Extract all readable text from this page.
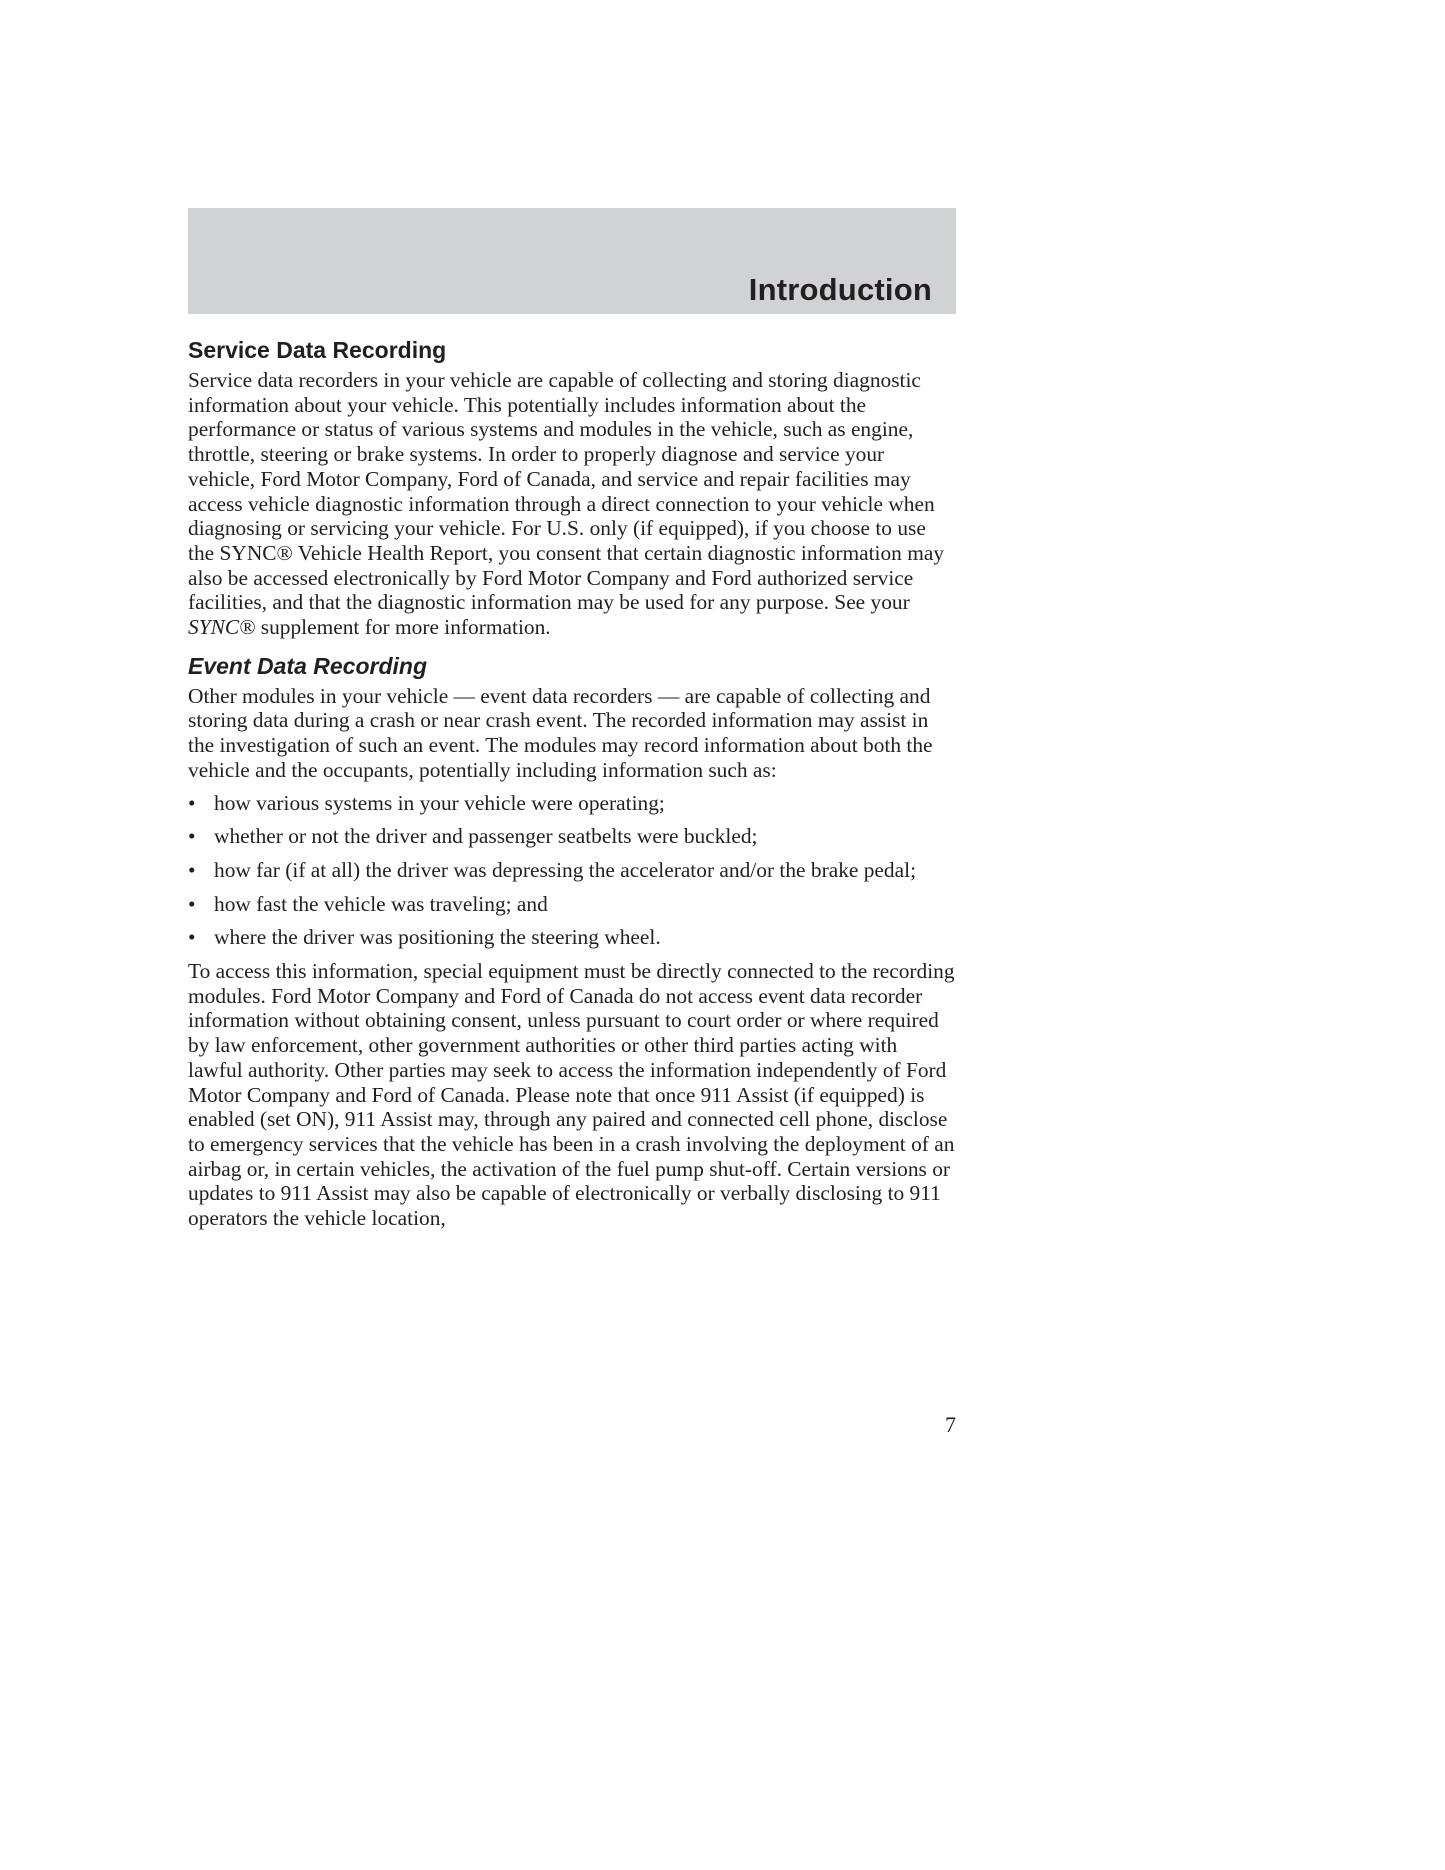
Introduction
Service Data Recording

Service data recorders in your vehicle are capable of collecting and storing diagnostic information about your vehicle. This potentially includes information about the performance or status of various systems and modules in the vehicle, such as engine, throttle, steering or brake systems. In order to properly diagnose and service your vehicle, Ford Motor Company, Ford of Canada, and service and repair facilities may access vehicle diagnostic information through a direct connection to your vehicle when diagnosing or servicing your vehicle. For U.S. only (if equipped), if you choose to use the SYNC® Vehicle Health Report, you consent that certain diagnostic information may also be accessed electronically by Ford Motor Company and Ford authorized service facilities, and that the diagnostic information may be used for any purpose. See your SYNC® supplement for more information.

Event Data Recording

Other modules in your vehicle — event data recorders — are capable of collecting and storing data during a crash or near crash event. The recorded information may assist in the investigation of such an event. The modules may record information about both the vehicle and the occupants, potentially including information such as:

• how various systems in your vehicle were operating;
• whether or not the driver and passenger seatbelts were buckled;
• how far (if at all) the driver was depressing the accelerator and/or the brake pedal;
• how fast the vehicle was traveling; and
• where the driver was positioning the steering wheel.

To access this information, special equipment must be directly connected to the recording modules. Ford Motor Company and Ford of Canada do not access event data recorder information without obtaining consent, unless pursuant to court order or where required by law enforcement, other government authorities or other third parties acting with lawful authority. Other parties may seek to access the information independently of Ford Motor Company and Ford of Canada. Please note that once 911 Assist (if equipped) is enabled (set ON), 911 Assist may, through any paired and connected cell phone, disclose to emergency services that the vehicle has been in a crash involving the deployment of an airbag or, in certain vehicles, the activation of the fuel pump shut-off. Certain versions or updates to 911 Assist may also be capable of electronically or verbally disclosing to 911 operators the vehicle location,

7
